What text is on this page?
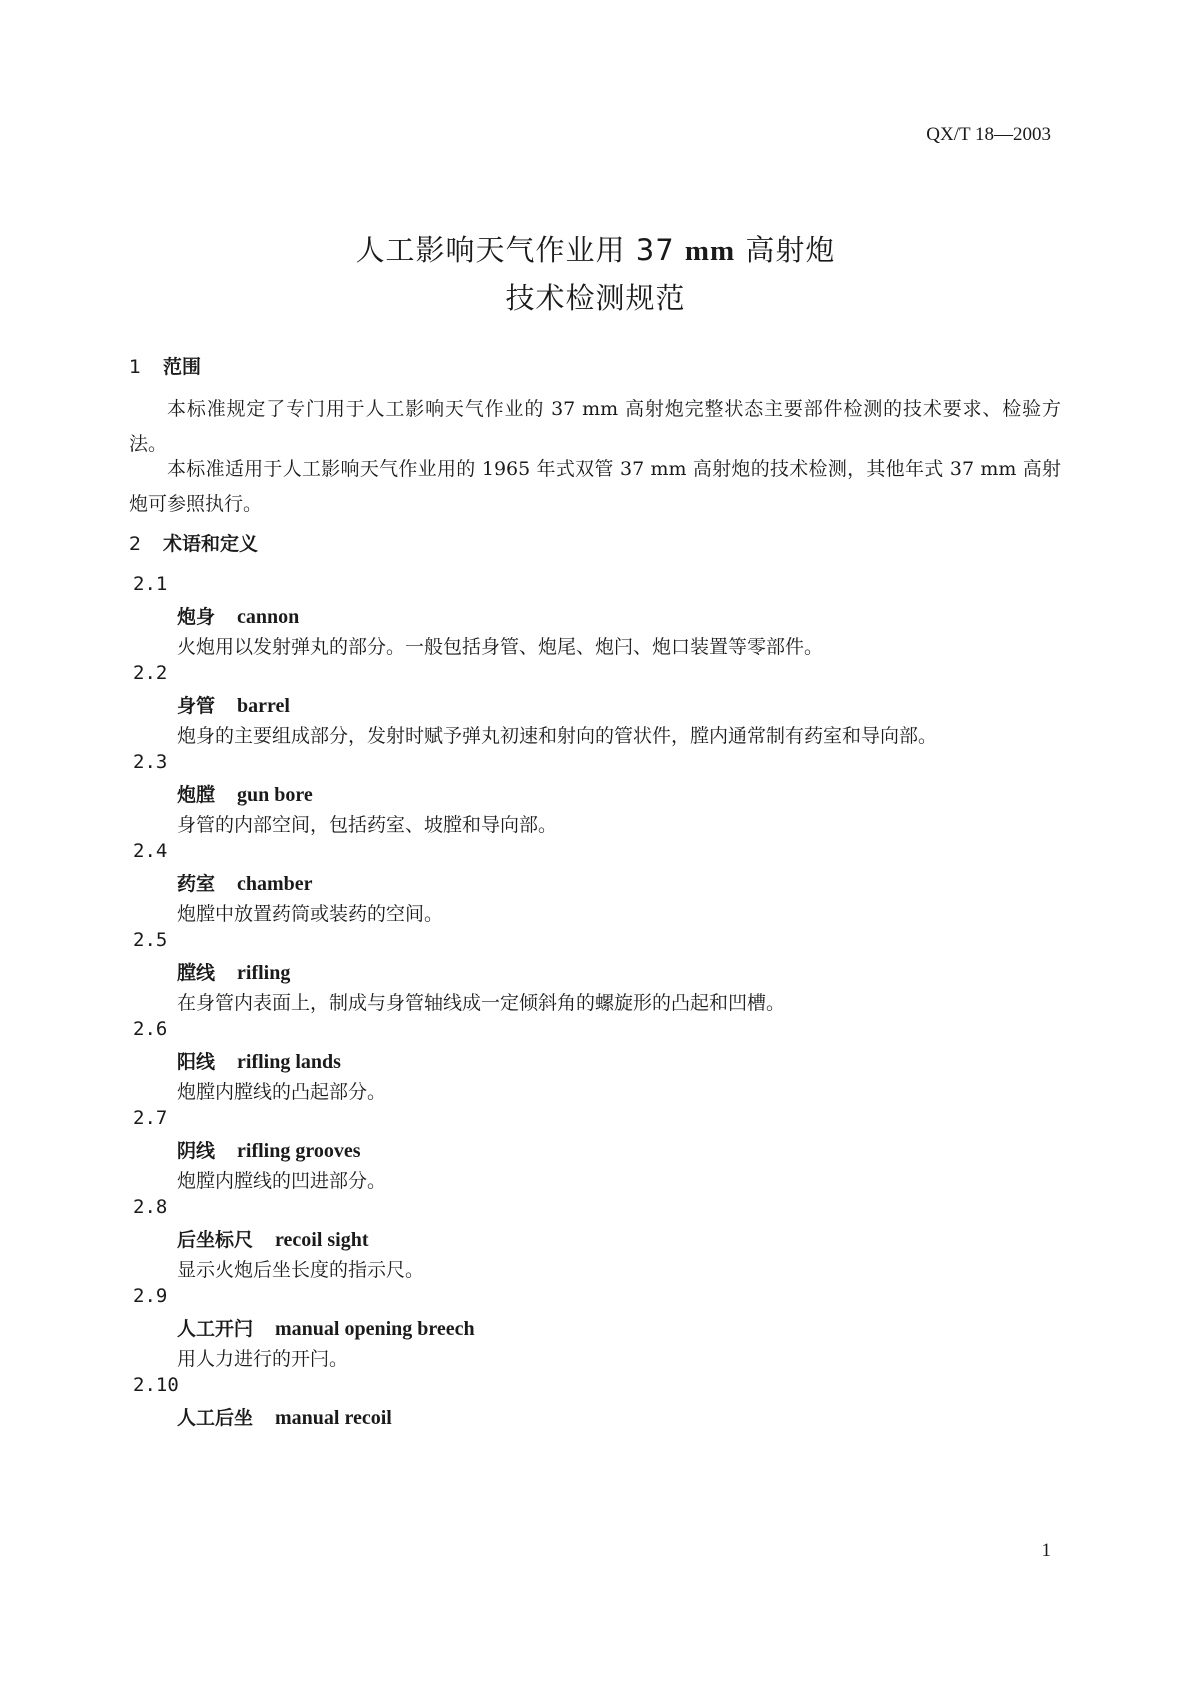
QX/T 18—2003
人工影响天气作业用 37 mm 高射炮
技术检测规范
1 范围
本标准规定了专门用于人工影响天气作业的 37 mm 高射炮完整状态主要部件检测的技术要求、检验方法。
本标准适用于人工影响天气作业用的 1965 年式双管 37 mm 高射炮的技术检测，其他年式 37 mm 高射炮可参照执行。
2 术语和定义
2.1
炮身 cannon
火炮用以发射弹丸的部分。一般包括身管、炮尾、炮闩、炮口装置等零部件。
2.2
身管 barrel
炮身的主要组成部分，发射时赋予弹丸初速和射向的管状件，膛内通常制有药室和导向部。
2.3
炮膛 gun bore
身管的内部空间，包括药室、坡膛和导向部。
2.4
药室 chamber
炮膛中放置药筒或装药的空间。
2.5
膛线 rifling
在身管内表面上，制成与身管轴线成一定倾斜角的螺旋形的凸起和凹槽。
2.6
阳线 rifling lands
炮膛内膛线的凸起部分。
2.7
阴线 rifling grooves
炮膛内膛线的凹进部分。
2.8
后坐标尺 recoil sight
显示火炮后坐长度的指示尺。
2.9
人工开闩 manual opening breech
用人力进行的开闩。
2.10
人工后坐 manual recoil
1
